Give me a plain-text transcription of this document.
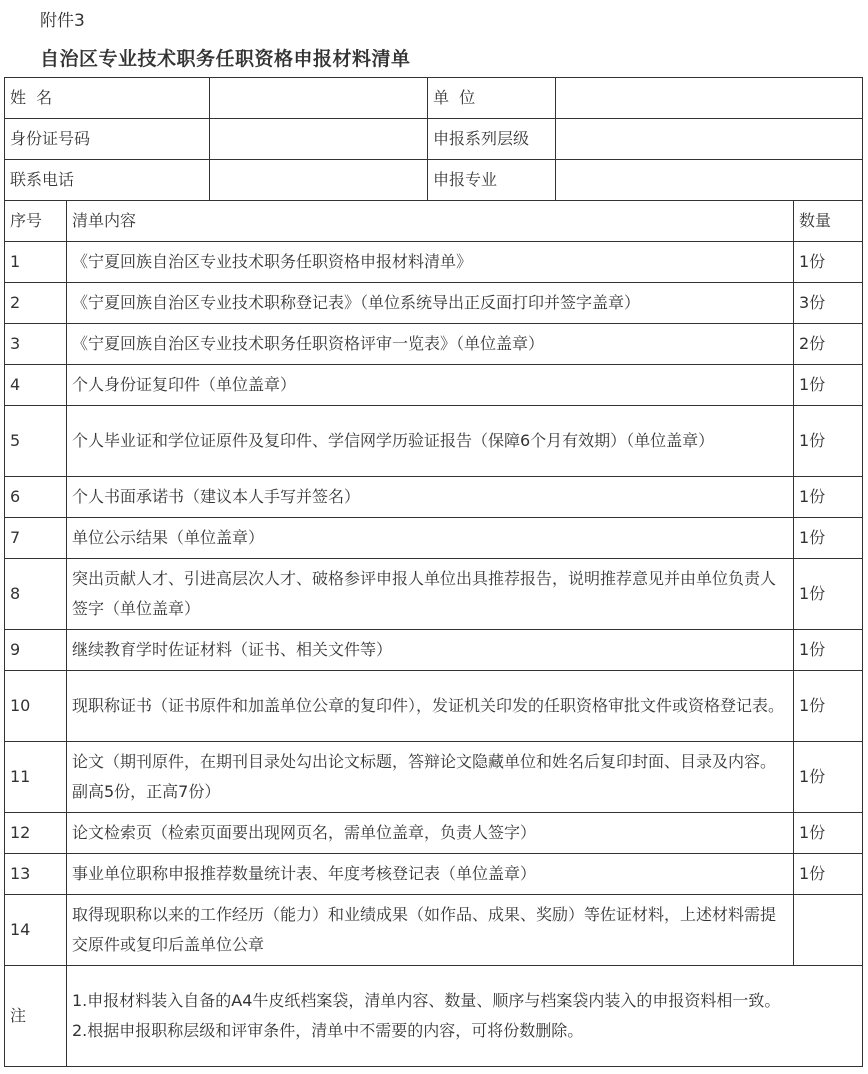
附件3
自治区专业技术职务任职资格申报材料清单
姓  名		单  位	
身份证号码		申报系列层级	
联系电话		申报专业	
序号	清单内容	数量
1	《宁夏回族自治区专业技术职务任职资格申报材料清单》	1份
2	《宁夏回族自治区专业技术职称登记表》（单位系统导出正反面打印并签字盖章）	3份
3	《宁夏回族自治区专业技术职务任职资格评审一览表》（单位盖章）	2份
4	个人身份证复印件（单位盖章）	1份
5	个人毕业证和学位证原件及复印件、学信网学历验证报告（保障6个月有效期）（单位盖章）	1份
6	个人书面承诺书（建议本人手写并签名）	1份
7	单位公示结果（单位盖章）	1份
8	突出贡献人才、引进高层次人才、破格参评申报人单位出具推荐报告，说明推荐意见并由单位负责人签字（单位盖章）	1份
9	继续教育学时佐证材料（证书、相关文件等）	1份
10	现职称证书（证书原件和加盖单位公章的复印件），发证机关印发的任职资格审批文件或资格登记表。	1份
11	论文（期刊原件，在期刊目录处勾出论文标题，答辩论文隐藏单位和姓名后复印封面、目录及内容。副高5份，正高7份）	1份
12	论文检索页（检索页面要出现网页名，需单位盖章，负责人签字）	1份
13	事业单位职称申报推荐数量统计表、年度考核登记表（单位盖章）	1份
14	取得现职称以来的工作经历（能力）和业绩成果（如作品、成果、奖励）等佐证材料，上述材料需提交原件或复印后盖单位公章	
注	1.申报材料装入自备的A4牛皮纸档案袋，清单内容、数量、顺序与档案袋内装入的申报资料相一致。
2.根据申报职称层级和评审条件，清单中不需要的内容，可将份数删除。	
